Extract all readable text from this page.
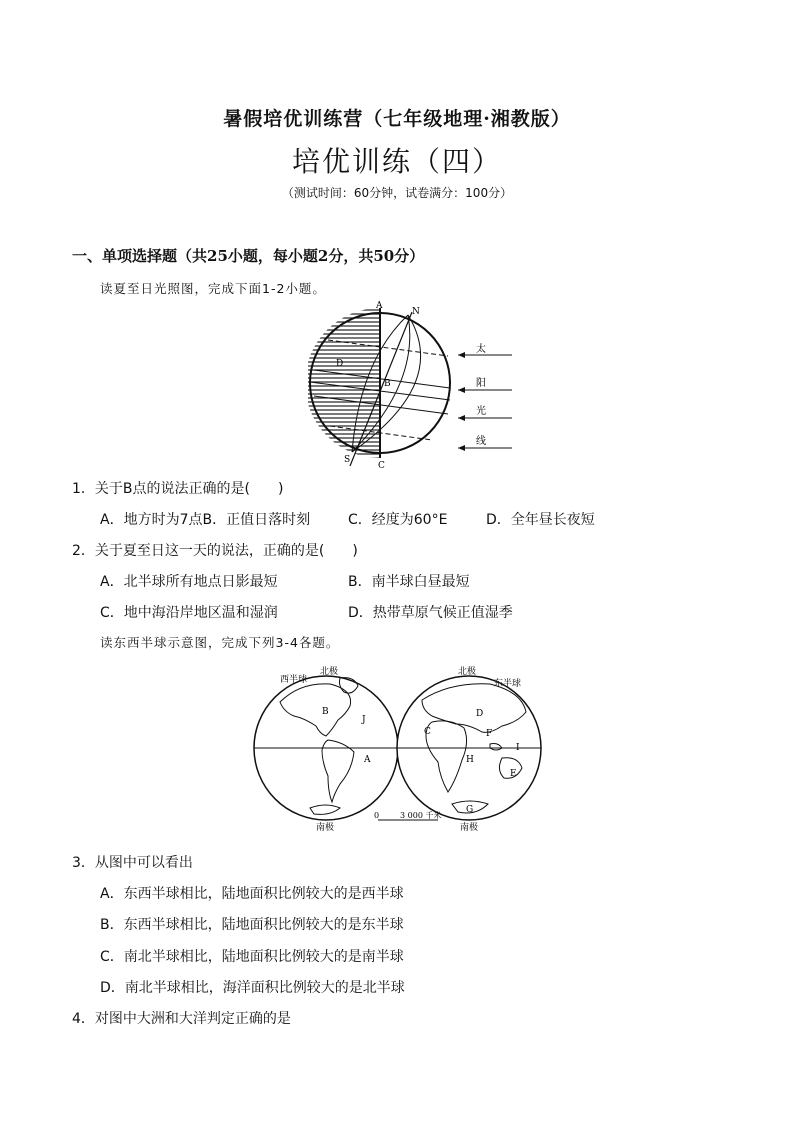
暑假培优训练营（七年级地理·湘教版）
培优训练（四）
（测试时间：60分钟，试卷满分：100分）
一、单项选择题（共25小题，每小题2分，共50分）
读夏至日光照图，完成下面1-2小题。
A
N
B
D
S
C
太
阳
光
线
1．关于B点的说法正确的是(　　)
A．地方时为7点B．正值日落时刻	C．经度为60°E	D．全年昼长夜短
2．关于夏至日这一天的说法，正确的是(　　)
A．北半球所有地点日影最短	B．南半球白昼最短
C．地中海沿岸地区温和湿润	D．热带草原气候正值湿季
读东西半球示意图，完成下列3-4各题。
西半球
北极
南极
北极
东半球
南极
B
J
A
C
D
F
H
I
E
G
0	3 000 千米
3．从图中可以看出
A．东西半球相比，陆地面积比例较大的是西半球
B．东西半球相比，陆地面积比例较大的是东半球
C．南北半球相比，陆地面积比例较大的是南半球
D．南北半球相比，海洋面积比例较大的是北半球
4．对图中大洲和大洋判定正确的是
